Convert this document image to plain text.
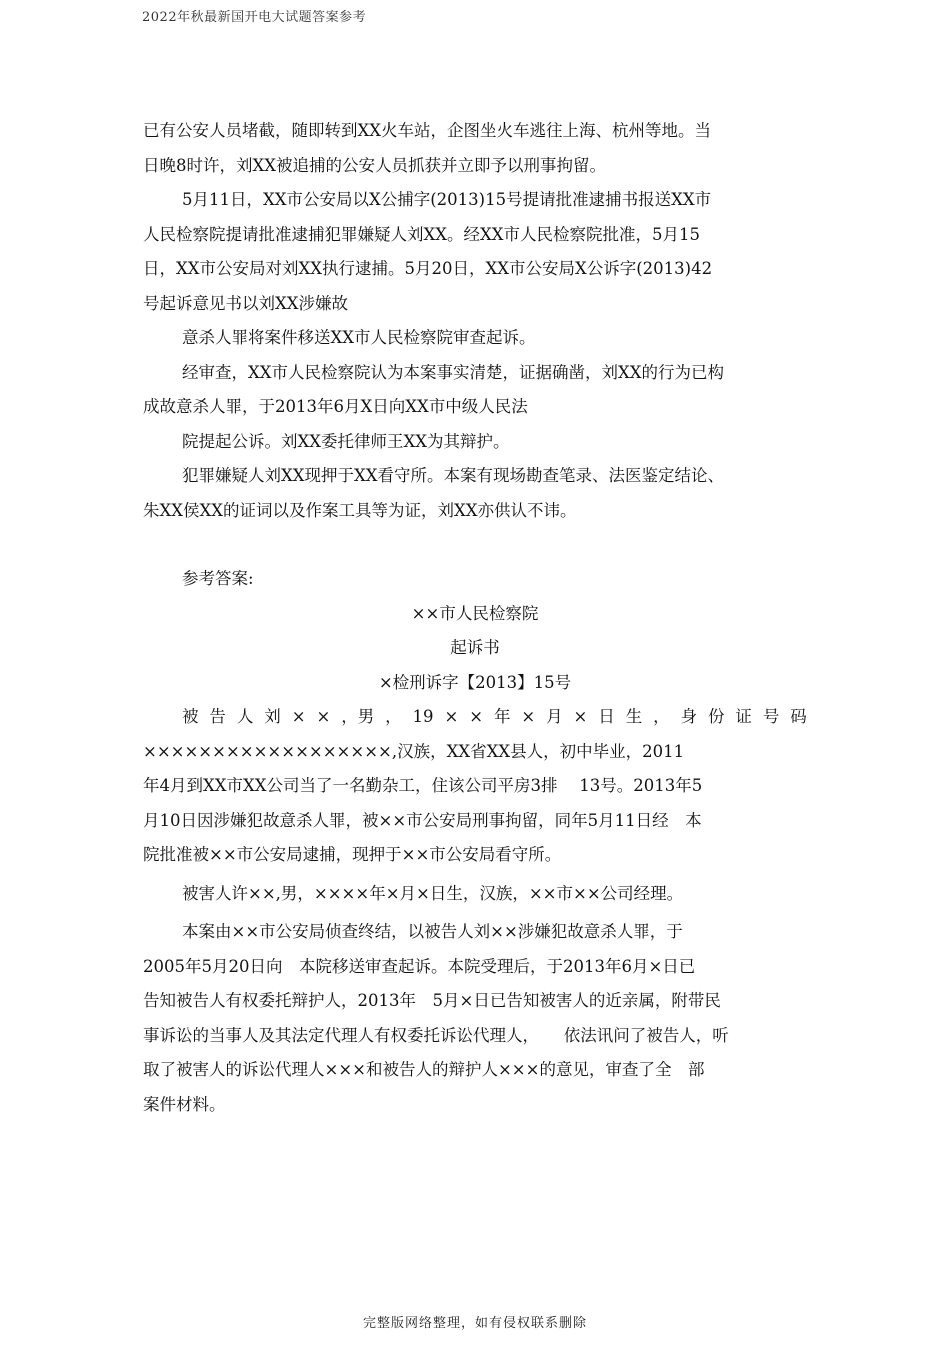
2022年秋最新国开电大试题答案参考
已有公安人员堵截，随即转到XX火车站，企图坐火车逃往上海、杭州等地。当
日晚8时许，刘XX被追捕的公安人员抓获并立即予以刑事拘留。
5月11日，XX市公安局以X公捕字(2013)15号提请批准逮捕书报送XX市
人民检察院提请批准逮捕犯罪嫌疑人刘XX。经XX市人民检察院批准，5月15
日，XX市公安局对刘XX执行逮捕。5月20日，XX市公安局X公诉字(2013)42
号起诉意见书以刘XX涉嫌故
意杀人罪将案件移送XX市人民检察院审查起诉。
经审查，XX市人民检察院认为本案事实清楚，证据确凿，刘XX的行为已构
成故意杀人罪，于2013年6月X日向XX市中级人民法
院提起公诉。刘XX委托律师王XX为其辩护。
犯罪嫌疑人刘XX现押于XX看守所。本案有现场勘查笔录、法医鉴定结论、
朱XX侯XX的证词以及作案工具等为证，刘XX亦供认不讳。
参考答案:
××市人民检察院
起诉书
×检刑诉字【2013】15号
被 告 人 刘 × × ，男 ， 19 × × 年 × 月 × 日 生 ， 身 份 证 号 码
××××××××××××××××××,汉族，XX省XX县人，初中毕业，2011
年4月到XX市XX公司当了一名勤杂工，住该公司平房3排　 13号。2013年5
月10日因涉嫌犯故意杀人罪，被××市公安局刑事拘留，同年5月11日经　本
院批准被××市公安局逮捕，现押于××市公安局看守所。
被害人许××,男，××××年×月×日生，汉族，××市××公司经理。
本案由××市公安局侦查终结，以被告人刘××涉嫌犯故意杀人罪，于
2005年5月20日向　本院移送审查起诉。本院受理后，于2013年6月×日已
告知被告人有权委托辩护人，2013年　5月×日已告知被害人的近亲属，附带民
事诉讼的当事人及其法定代理人有权委托诉讼代理人，　　依法讯问了被告人，听
取了被害人的诉讼代理人×××和被告人的辩护人×××的意见，审查了全　部
案件材料。
完整版网络整理，如有侵权联系删除
